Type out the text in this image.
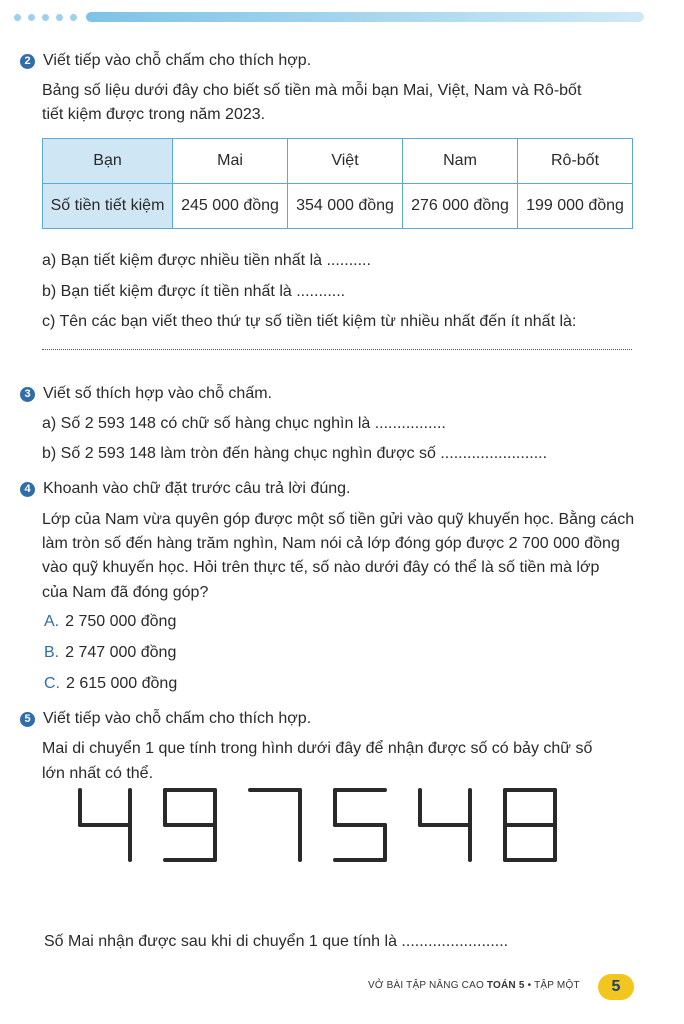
2 Viết tiếp vào chỗ chấm cho thích hợp.
Bảng số liệu dưới đây cho biết số tiền mà mỗi bạn Mai, Việt, Nam và Rô-bốt
tiết kiệm được trong năm 2023.
Bạn	Mai	Việt	Nam	Rô-bốt
Số tiền tiết kiệm	245 000 đồng	354 000 đồng	276 000 đồng	199 000 đồng
a) Bạn tiết kiệm được nhiều tiền nhất là ..........
b) Bạn tiết kiệm được ít tiền nhất là ...........
c) Tên các bạn viết theo thứ tự số tiền tiết kiệm từ nhiều nhất đến ít nhất là:
3 Viết số thích hợp vào chỗ chấm.
a) Số 2 593 148 có chữ số hàng chục nghìn là ................
b) Số 2 593 148 làm tròn đến hàng chục nghìn được số ........................
4 Khoanh vào chữ đặt trước câu trả lời đúng.
Lớp của Nam vừa quyên góp được một số tiền gửi vào quỹ khuyến học. Bằng cách
làm tròn số đến hàng trăm nghìn, Nam nói cả lớp đóng góp được 2 700 000 đồng
vào quỹ khuyến học. Hỏi trên thực tế, số nào dưới đây có thể là số tiền mà lớp
của Nam đã đóng góp?
A. 2 750 000 đồng
B. 2 747 000 đồng
C. 2 615 000 đồng
5 Viết tiếp vào chỗ chấm cho thích hợp.
Mai di chuyển 1 que tính trong hình dưới đây để nhận được số có bảy chữ số
lớn nhất có thể.
Số Mai nhận được sau khi di chuyển 1 que tính là ........................
VỞ BÀI TẬP NÂNG CAO TOÁN 5 • TẬP MỘT	5
